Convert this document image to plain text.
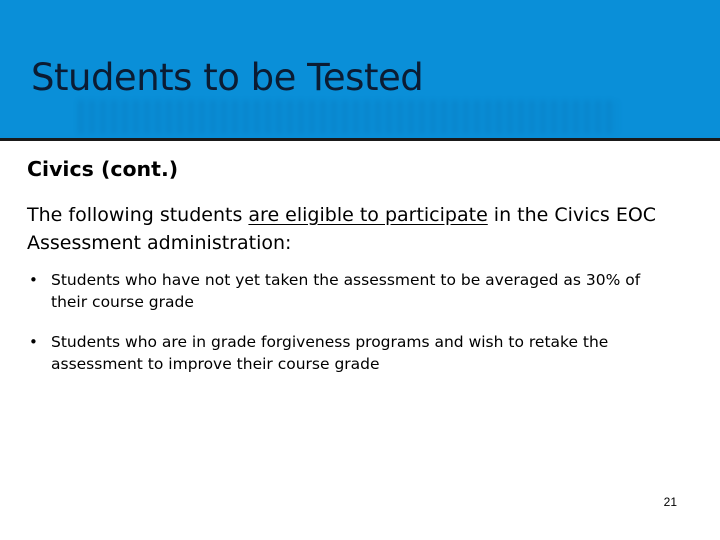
Students to be Tested
Civics (cont.)

The following students are eligible to participate in the Civics EOC Assessment administration:

• Students who have not yet taken the assessment to be averaged as 30% of their course grade
• Students who are in grade forgiveness programs and wish to retake the assessment to improve their course grade
21
